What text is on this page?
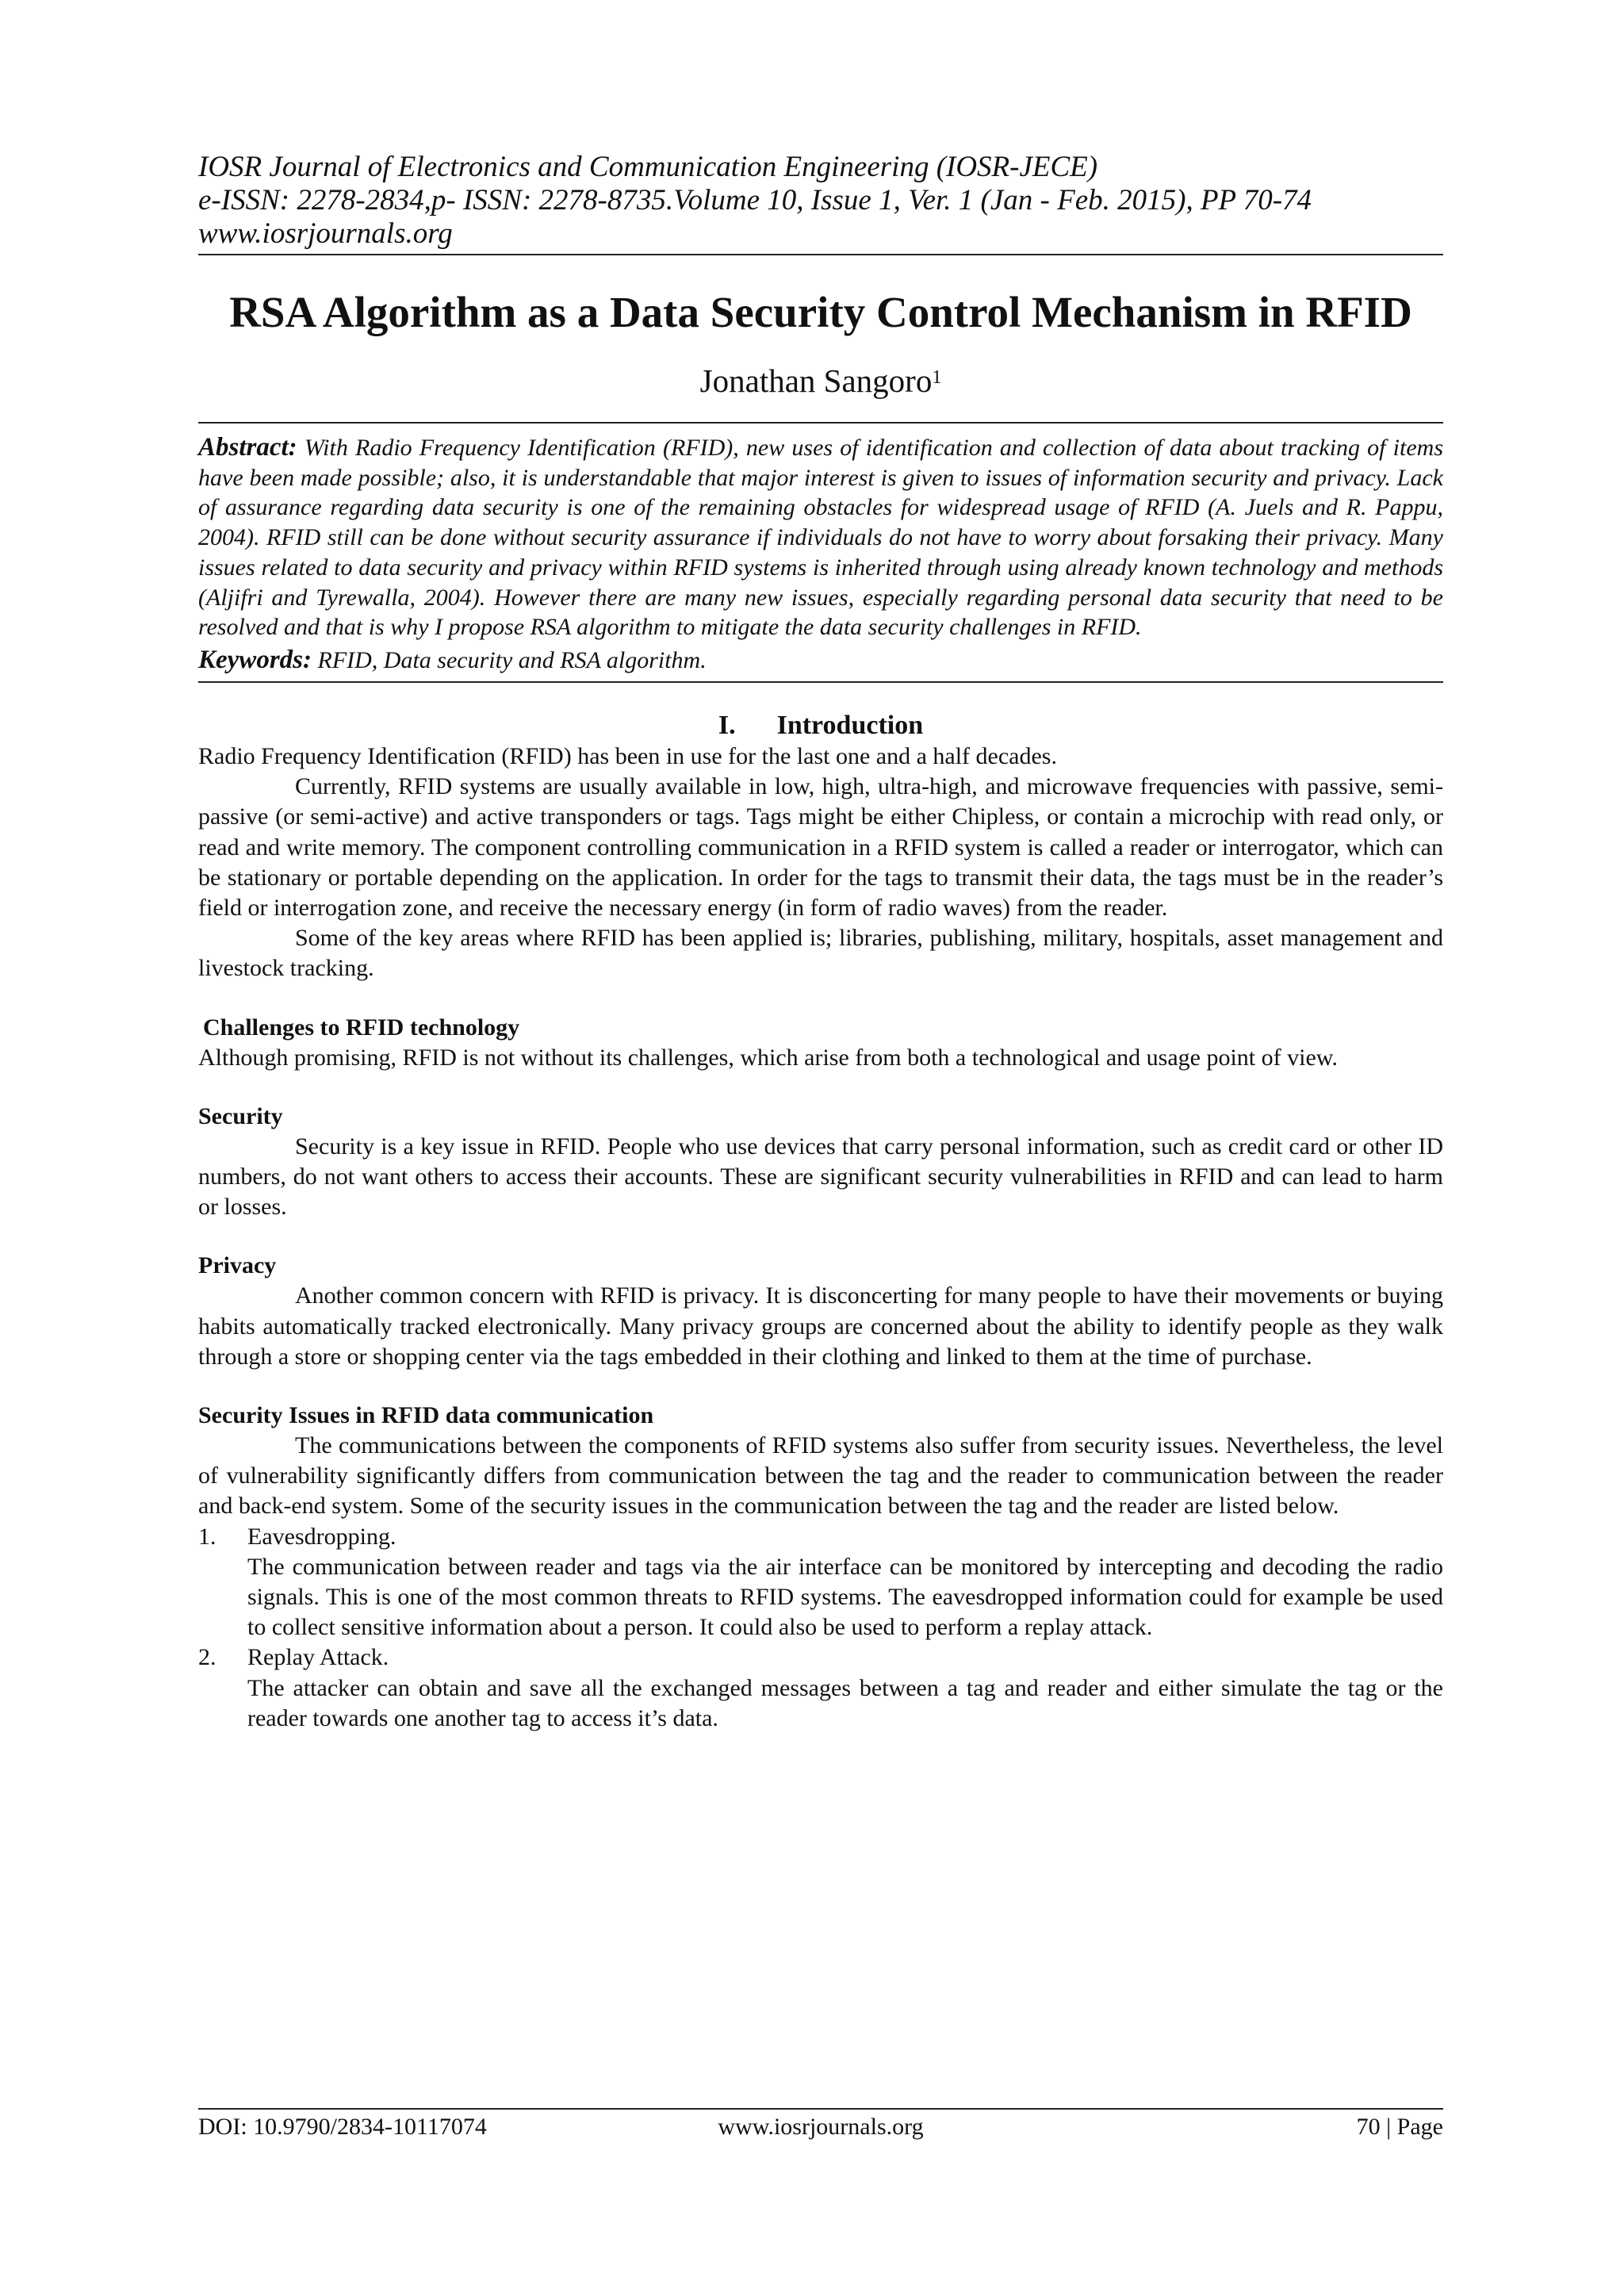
IOSR Journal of Electronics and Communication Engineering (IOSR-JECE)
e-ISSN: 2278-2834,p- ISSN: 2278-8735.Volume 10, Issue 1, Ver. 1 (Jan - Feb. 2015), PP 70-74
www.iosrjournals.org
RSA Algorithm as a Data Security Control Mechanism in RFID
Jonathan Sangoro$^1$

Abstract: With Radio Frequency Identification (RFID), new uses of identification and collection of data about tracking of items have been made possible; also, it is understandable that major interest is given to issues of information security and privacy. Lack of assurance regarding data security is one of the remaining obstacles for widespread usage of RFID (A. Juels and R. Pappu, 2004). RFID still can be done without security assurance if individuals do not have to worry about forsaking their privacy. Many issues related to data security and privacy within RFID systems is inherited through using already known technology and methods (Aljifri and Tyrewalla, 2004). However there are many new issues, especially regarding personal data security that need to be resolved and that is why I propose RSA algorithm to mitigate the data security challenges in RFID.

Keywords: RFID, Data security and RSA algorithm.

I. Introduction

Radio Frequency Identification (RFID) has been in use for the last one and a half decades.

Currently, RFID systems are usually available in low, high, ultra-high, and microwave frequencies with passive, semi-passive (or semi-active) and active transponders or tags. Tags might be either Chipless, or contain a microchip with read only, or read and write memory. The component controlling communication in a RFID system is called a reader or interrogator, which can be stationary or portable depending on the application. In order for the tags to transmit their data, the tags must be in the reader’s field or interrogation zone, and receive the necessary energy (in form of radio waves) from the reader.

Some of the key areas where RFID has been applied is; libraries, publishing, military, hospitals, asset management and livestock tracking.

Challenges to RFID technology

Although promising, RFID is not without its challenges, which arise from both a technological and usage point of view.

Security

Security is a key issue in RFID. People who use devices that carry personal information, such as credit card or other ID numbers, do not want others to access their accounts. These are significant security vulnerabilities in RFID and can lead to harm or losses.

Privacy

Another common concern with RFID is privacy. It is disconcerting for many people to have their movements or buying habits automatically tracked electronically. Many privacy groups are concerned about the ability to identify people as they walk through a store or shopping center via the tags embedded in their clothing and linked to them at the time of purchase.

Security Issues in RFID data communication

The communications between the components of RFID systems also suffer from security issues. Nevertheless, the level of vulnerability significantly differs from communication between the tag and the reader to communication between the reader and back-end system. Some of the security issues in the communication between the tag and the reader are listed below.

1. Eavesdropping.

The communication between reader and tags via the air interface can be monitored by intercepting and decoding the radio signals. This is one of the most common threats to RFID systems. The eavesdropped information could for example be used to collect sensitive information about a person. It could also be used to perform a replay attack.

2. Replay Attack.

The attacker can obtain and save all the exchanged messages between a tag and reader and either simulate the tag or the reader towards one another tag to access it’s data.

DOI: 10.9790/2834-10117074	www.iosrjournals.org	70 | Page
